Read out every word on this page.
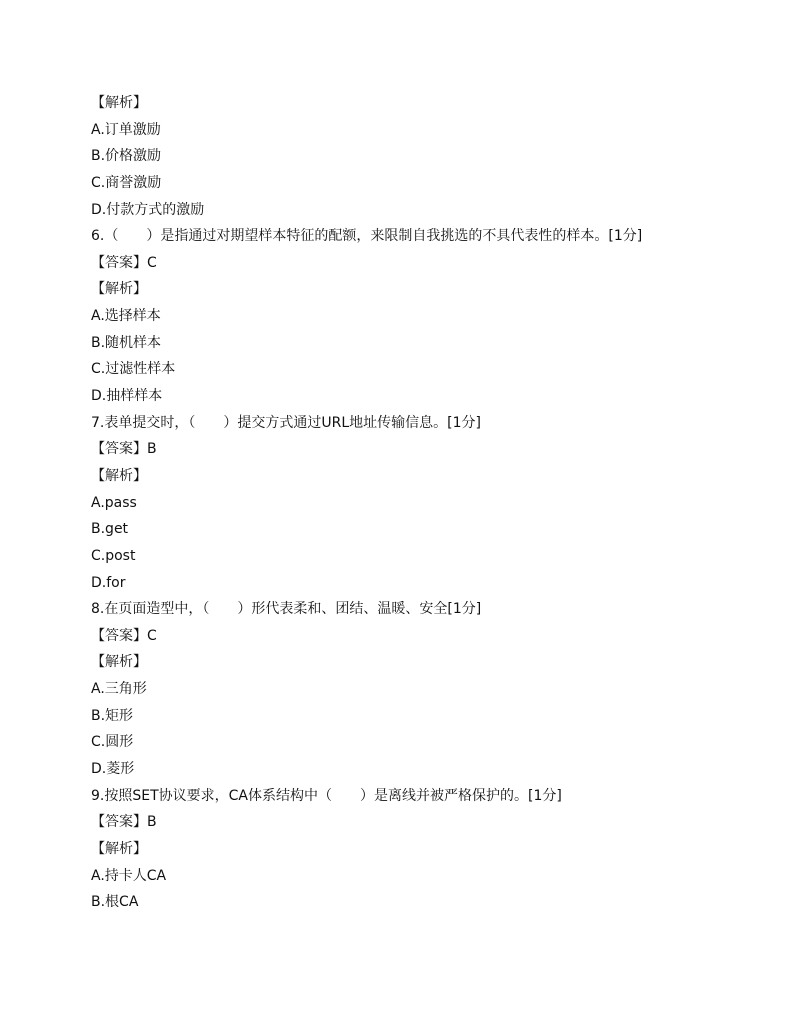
【解析】
A.订单激励
B.价格激励
C.商誉激励
D.付款方式的激励
6.（　　）是指通过对期望样本特征的配额，来限制自我挑选的不具代表性的样本。[1分]
【答案】C
【解析】
A.选择样本
B.随机样本
C.过滤性样本
D.抽样样本
7.表单提交时，（　　）提交方式通过URL地址传输信息。[1分]
【答案】B
【解析】
A.pass
B.get
C.post
D.for
8.在页面造型中，（　　）形代表柔和、团结、温暖、安全[1分]
【答案】C
【解析】
A.三角形
B.矩形
C.圆形
D.菱形
9.按照SET协议要求，CA体系结构中（　　）是离线并被严格保护的。[1分]
【答案】B
【解析】
A.持卡人CA
B.根CA
